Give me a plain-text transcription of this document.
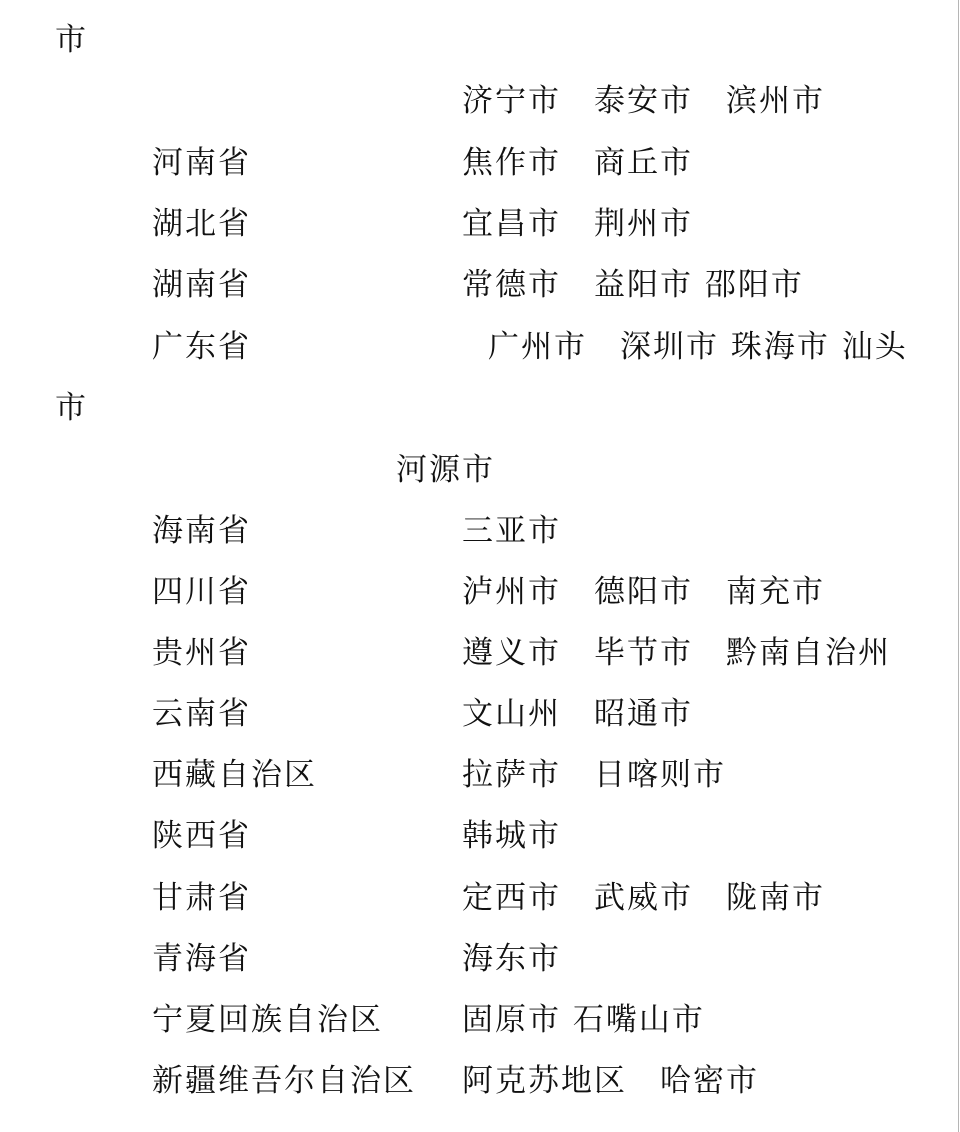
市
济宁市　泰安市　滨州市
河南省	焦作市　商丘市
湖北省	宜昌市　荆州市
湖南省	常德市　益阳市 邵阳市
广东省	广州市　深圳市 珠海市 汕头
市
河源市
海南省	三亚市
四川省	泸州市　德阳市　南充市
贵州省	遵义市　毕节市　黔南自治州
云南省	文山州　昭通市
西藏自治区	拉萨市　日喀则市
陕西省	韩城市
甘肃省	定西市　武威市　陇南市
青海省	海东市
宁夏回族自治区	固原市 石嘴山市
新疆维吾尔自治区 阿克苏地区　哈密市
